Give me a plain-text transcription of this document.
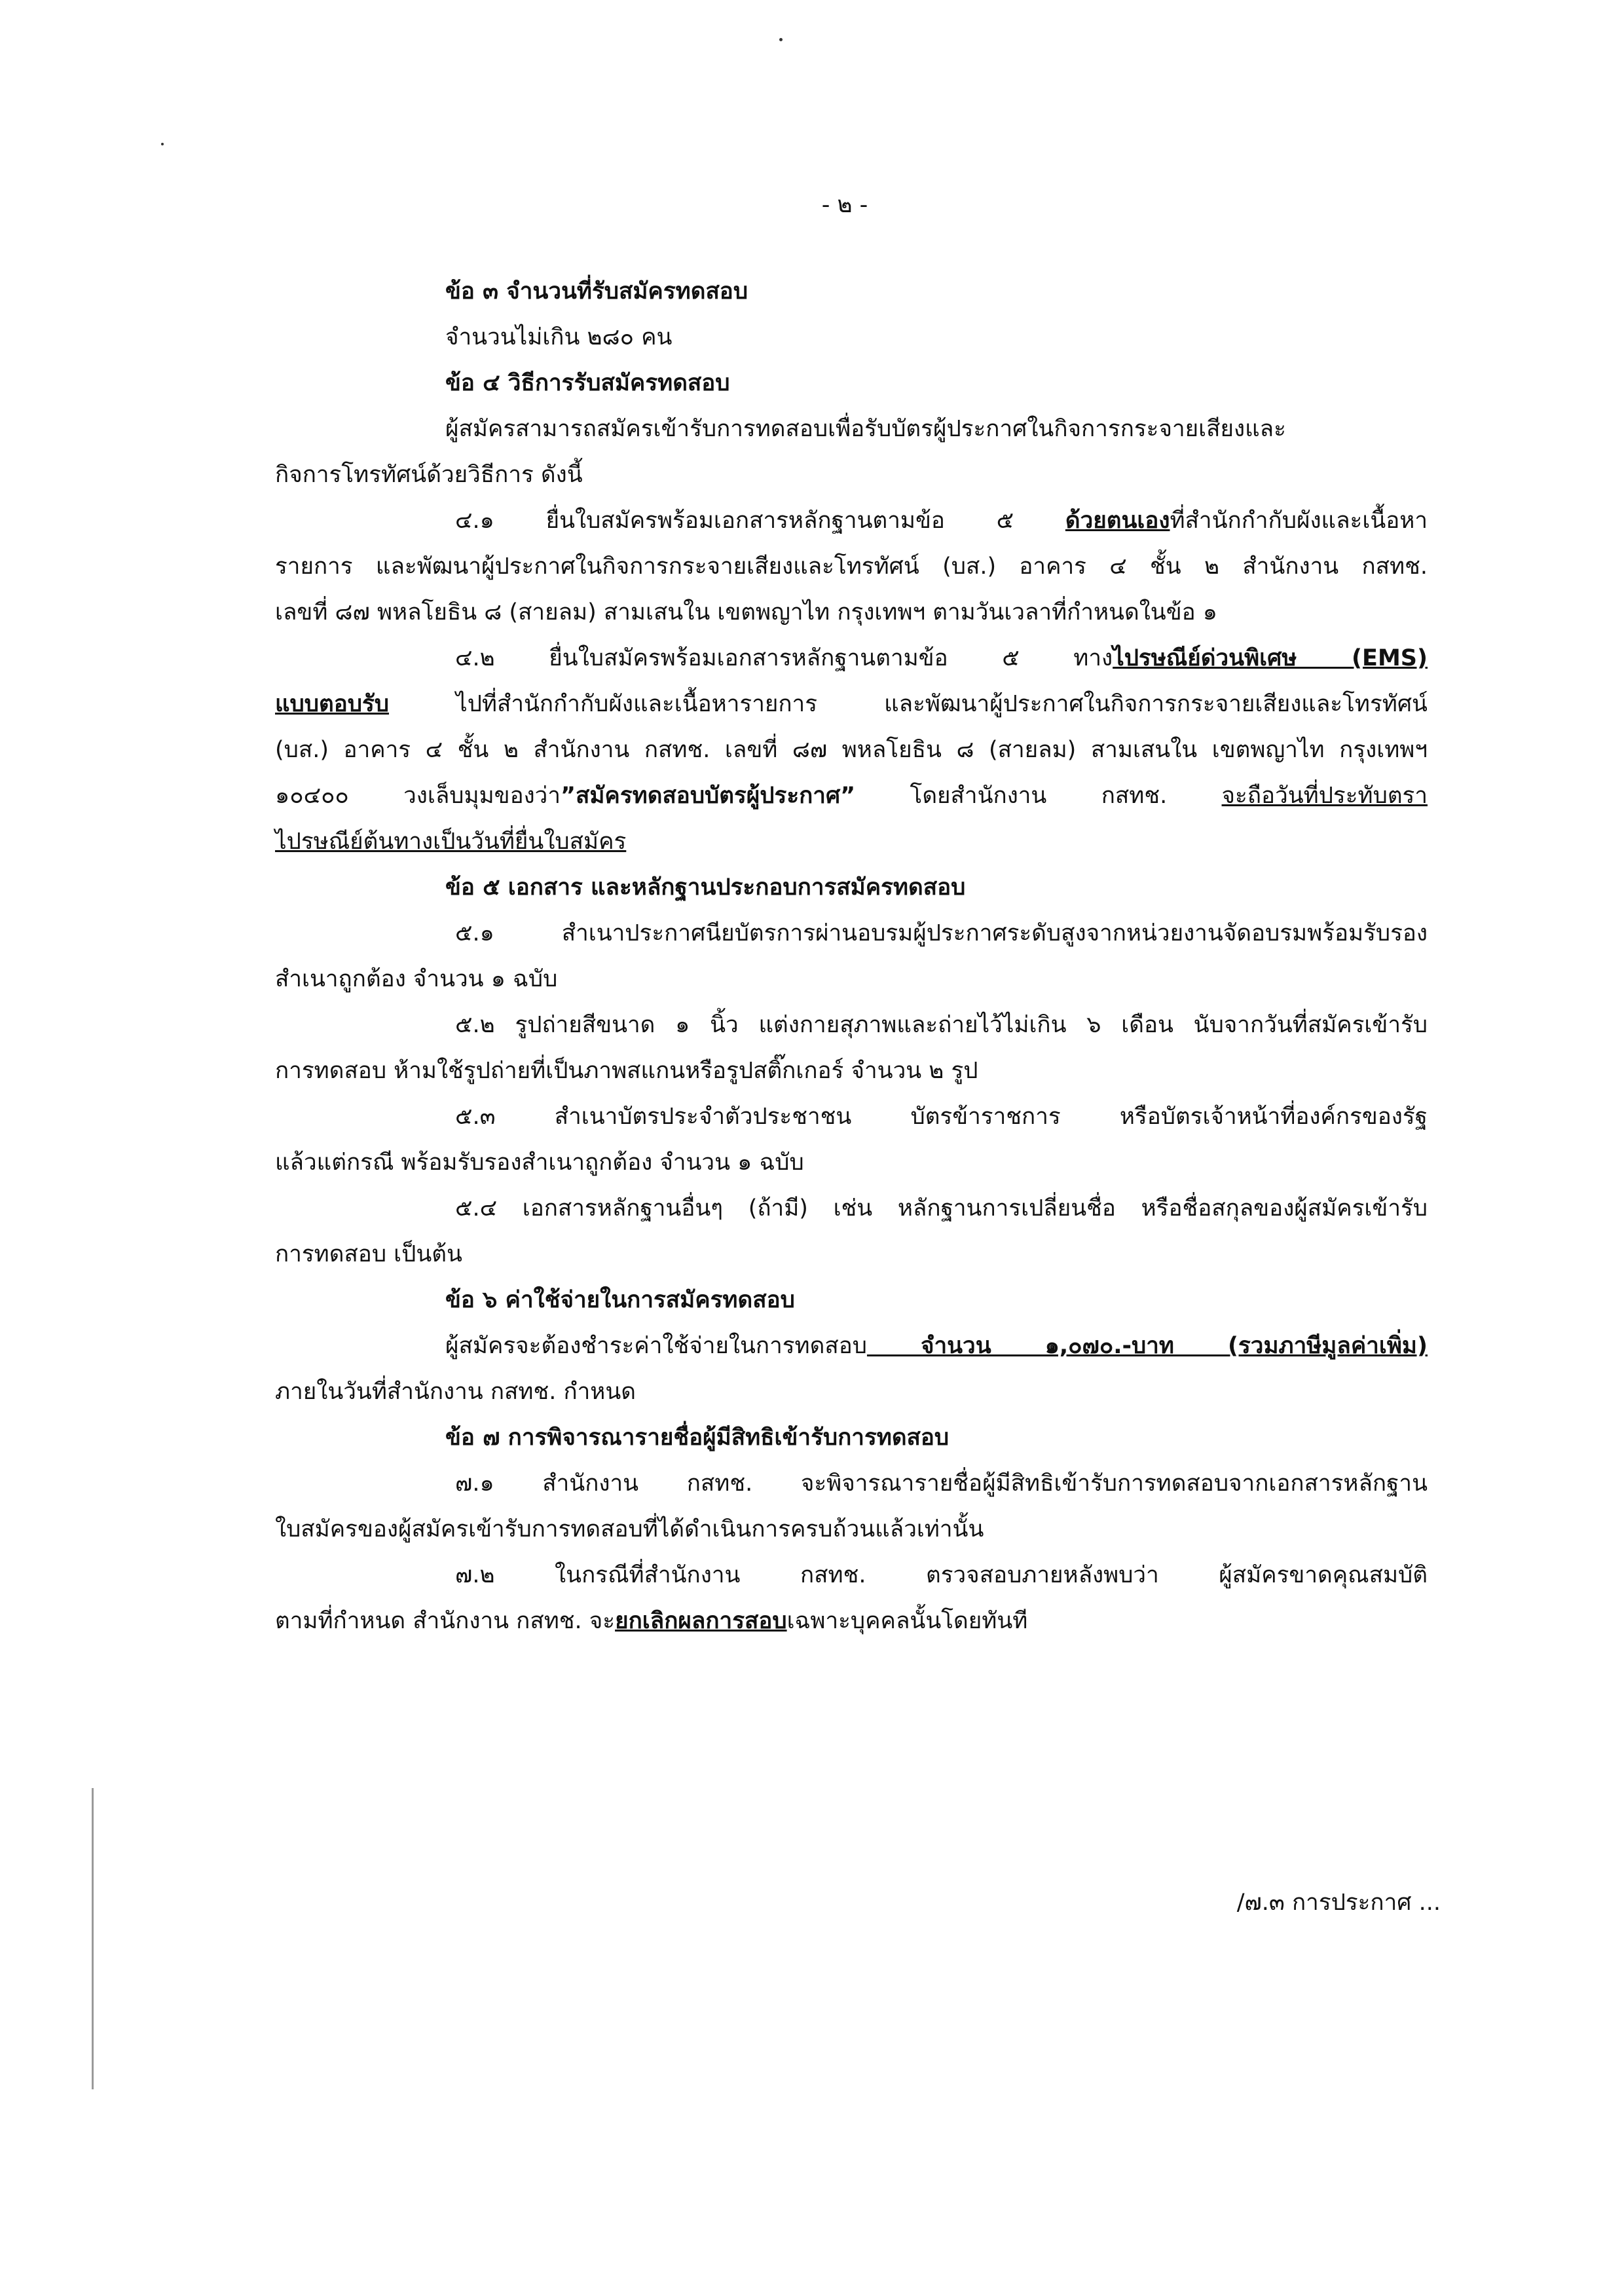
- ๒ -
ข้อ ๓ จำนวนที่รับสมัครทดสอบ
จำนวนไม่เกิน ๒๘๐ คน
ข้อ ๔ วิธีการรับสมัครทดสอบ
ผู้สมัครสามารถสมัครเข้ารับการทดสอบเพื่อรับบัตรผู้ประกาศในกิจการกระจายเสียงและ
กิจการโทรทัศน์ด้วยวิธีการ ดังนี้
๔.๑ ยื่นใบสมัครพร้อมเอกสารหลักฐานตามข้อ ๕ ด้วยตนเองที่สำนักกำกับผังและเนื้อหา
รายการ และพัฒนาผู้ประกาศในกิจการกระจายเสียงและโทรทัศน์ (บส.) อาคาร ๔ ชั้น ๒ สำนักงาน กสทช.
เลขที่ ๘๗ พหลโยธิน ๘ (สายลม) สามเสนใน เขตพญาไท กรุงเทพฯ ตามวันเวลาที่กำหนดในข้อ ๑
๔.๒ ยื่นใบสมัครพร้อมเอกสารหลักฐานตามข้อ ๕ ทางไปรษณีย์ด่วนพิเศษ (EMS)
แบบตอบรับ ไปที่สำนักกำกับผังและเนื้อหารายการ และพัฒนาผู้ประกาศในกิจการกระจายเสียงและโทรทัศน์
(บส.) อาคาร ๔ ชั้น ๒ สำนักงาน กสทช. เลขที่ ๘๗ พหลโยธิน ๘ (สายลม) สามเสนใน เขตพญาไท กรุงเทพฯ
๑๐๔๐๐ วงเล็บมุมของว่า”สมัครทดสอบบัตรผู้ประกาศ” โดยสำนักงาน กสทช. จะถือวันที่ประทับตรา
ไปรษณีย์ต้นทางเป็นวันที่ยื่นใบสมัคร
ข้อ ๕ เอกสาร และหลักฐานประกอบการสมัครทดสอบ
๕.๑ สำเนาประกาศนียบัตรการผ่านอบรมผู้ประกาศระดับสูงจากหน่วยงานจัดอบรมพร้อมรับรอง
สำเนาถูกต้อง จำนวน ๑ ฉบับ
๕.๒ รูปถ่ายสีขนาด ๑ นิ้ว แต่งกายสุภาพและถ่ายไว้ไม่เกิน ๖ เดือน นับจากวันที่สมัครเข้ารับ
การทดสอบ ห้ามใช้รูปถ่ายที่เป็นภาพสแกนหรือรูปสติ๊กเกอร์ จำนวน ๒ รูป
๕.๓ สำเนาบัตรประจำตัวประชาชน บัตรข้าราชการ หรือบัตรเจ้าหน้าที่องค์กรของรัฐ
แล้วแต่กรณี พร้อมรับรองสำเนาถูกต้อง จำนวน ๑ ฉบับ
๕.๔ เอกสารหลักฐานอื่นๆ (ถ้ามี) เช่น หลักฐานการเปลี่ยนชื่อ หรือชื่อสกุลของผู้สมัครเข้ารับ
การทดสอบ เป็นต้น
ข้อ ๖ ค่าใช้จ่ายในการสมัครทดสอบ
ผู้สมัครจะต้องชำระค่าใช้จ่ายในการทดสอบ จำนวน ๑,๐๗๐.-บาท (รวมภาษีมูลค่าเพิ่ม)
ภายในวันที่สำนักงาน กสทช. กำหนด
ข้อ ๗ การพิจารณารายชื่อผู้มีสิทธิเข้ารับการทดสอบ
๗.๑ สำนักงาน กสทช. จะพิจารณารายชื่อผู้มีสิทธิเข้ารับการทดสอบจากเอกสารหลักฐาน
ใบสมัครของผู้สมัครเข้ารับการทดสอบที่ได้ดำเนินการครบถ้วนแล้วเท่านั้น
๗.๒ ในกรณีที่สำนักงาน กสทช. ตรวจสอบภายหลังพบว่า ผู้สมัครขาดคุณสมบัติ
ตามที่กำหนด สำนักงาน กสทช. จะยกเลิกผลการสอบเฉพาะบุคคลนั้นโดยทันที
/๗.๓ การประกาศ ...
